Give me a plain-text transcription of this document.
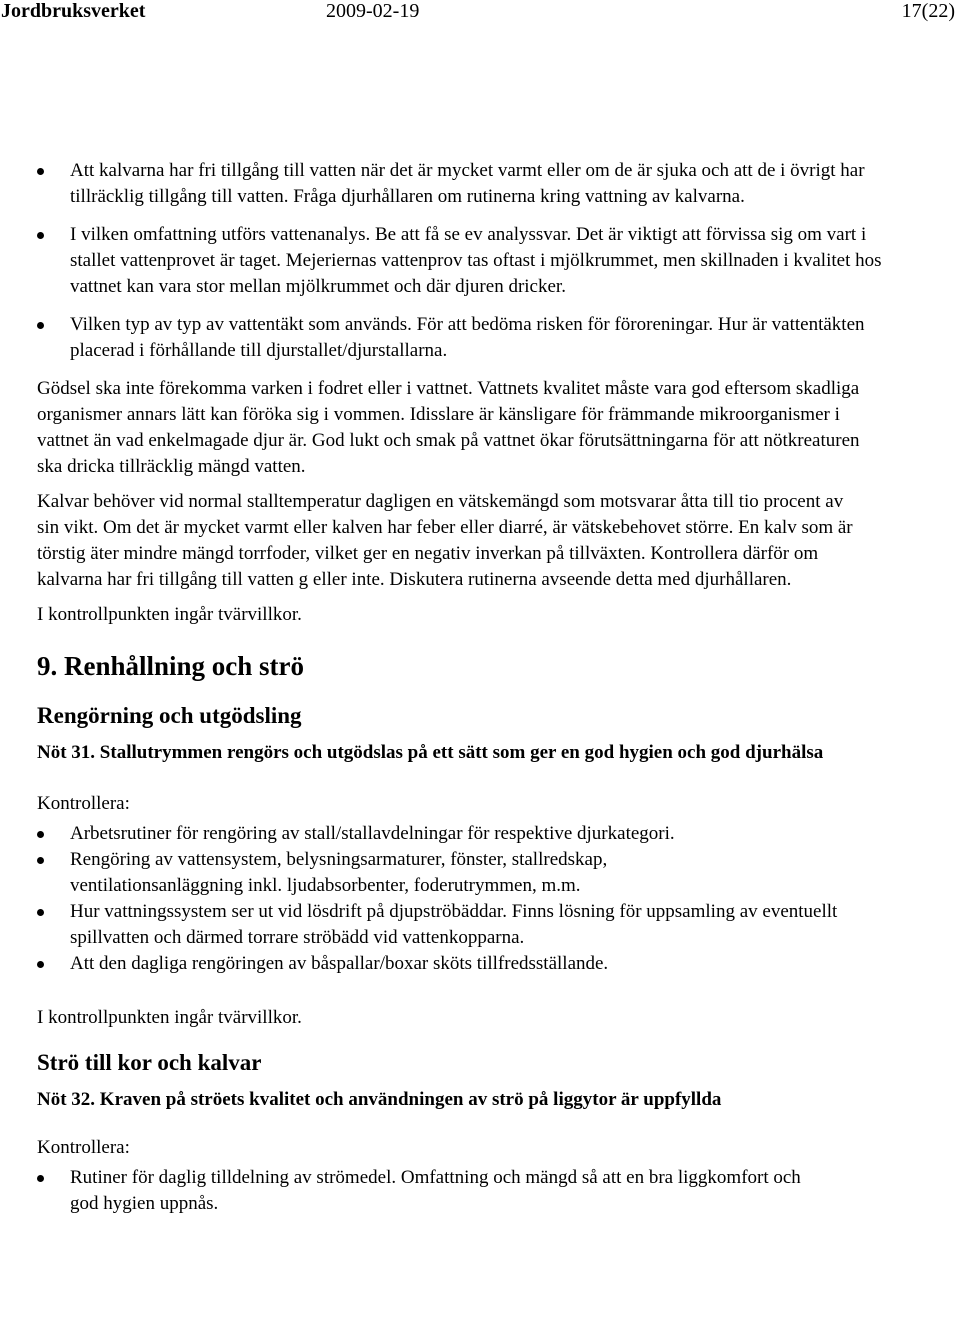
Jordbruksverket	2009-02-19	17(22)
Att kalvarna har fri tillgång till vatten när det är mycket varmt eller om de är sjuka och att de i övrigt har tillräcklig tillgång till vatten. Fråga djurhållaren om rutinerna kring vattning av kalvarna.
I vilken omfattning utförs vattenanalys. Be att få se ev analyssvar. Det är viktigt att förvissa sig om vart i stallet vattenprovet är taget. Mejeriernas vattenprov tas oftast i mjölkrummet, men skillnaden i kvalitet hos vattnet kan vara stor mellan mjölkrummet och där djuren dricker.
Vilken typ av typ av vattentäkt som används. För att bedöma risken för föroreningar. Hur är vattentäkten placerad i förhållande till djurstallet/djurstallarna.

Gödsel ska inte förekomma varken i fodret eller i vattnet. Vattnets kvalitet måste vara god eftersom skadliga organismer annars lätt kan föröka sig i vommen. Idisslare är känsligare för främmande mikroorganismer i vattnet än vad enkelmagade djur är. God lukt och smak på vattnet ökar förutsättningarna för att nötkreaturen ska dricka tillräcklig mängd vatten.

Kalvar behöver vid normal stalltemperatur dagligen en vätskemängd som motsvarar åtta till tio procent av sin vikt. Om det är mycket varmt eller kalven har feber eller diarré, är vätskebehovet större. En kalv som är törstig äter mindre mängd torrfoder, vilket ger en negativ inverkan på tillväxten. Kontrollera därför om kalvarna har fri tillgång till vatten g eller inte. Diskutera rutinerna avseende detta med djurhållaren.

I kontrollpunkten ingår tvärvillkor.

9. Renhållning och strö
Rengörning och utgödsling

Nöt 31. Stallutrymmen rengörs och utgödslas på ett sätt som ger en god hygien och god djurhälsa

Kontrollera:

Arbetsrutiner för rengöring av stall/stallavdelningar för respektive djurkategori.
Rengöring av vattensystem, belysningsarmaturer, fönster, stallredskap, ventilationsanläggning inkl. ljudabsorbenter, foderutrymmen, m.m.
Hur vattningssystem ser ut vid lösdrift på djupströbäddar. Finns lösning för uppsamling av eventuellt spillvatten och därmed torrare ströbädd vid vattenkopparna.
Att den dagliga rengöringen av båspallar/boxar sköts tillfredsställande.

I kontrollpunkten ingår tvärvillkor.

Strö till kor och kalvar

Nöt 32. Kraven på ströets kvalitet och användningen av strö på liggytor är uppfyllda

Kontrollera:

Rutiner för daglig tilldelning av strömedel. Omfattning och mängd så att en bra liggkomfort och god hygien uppnås.
